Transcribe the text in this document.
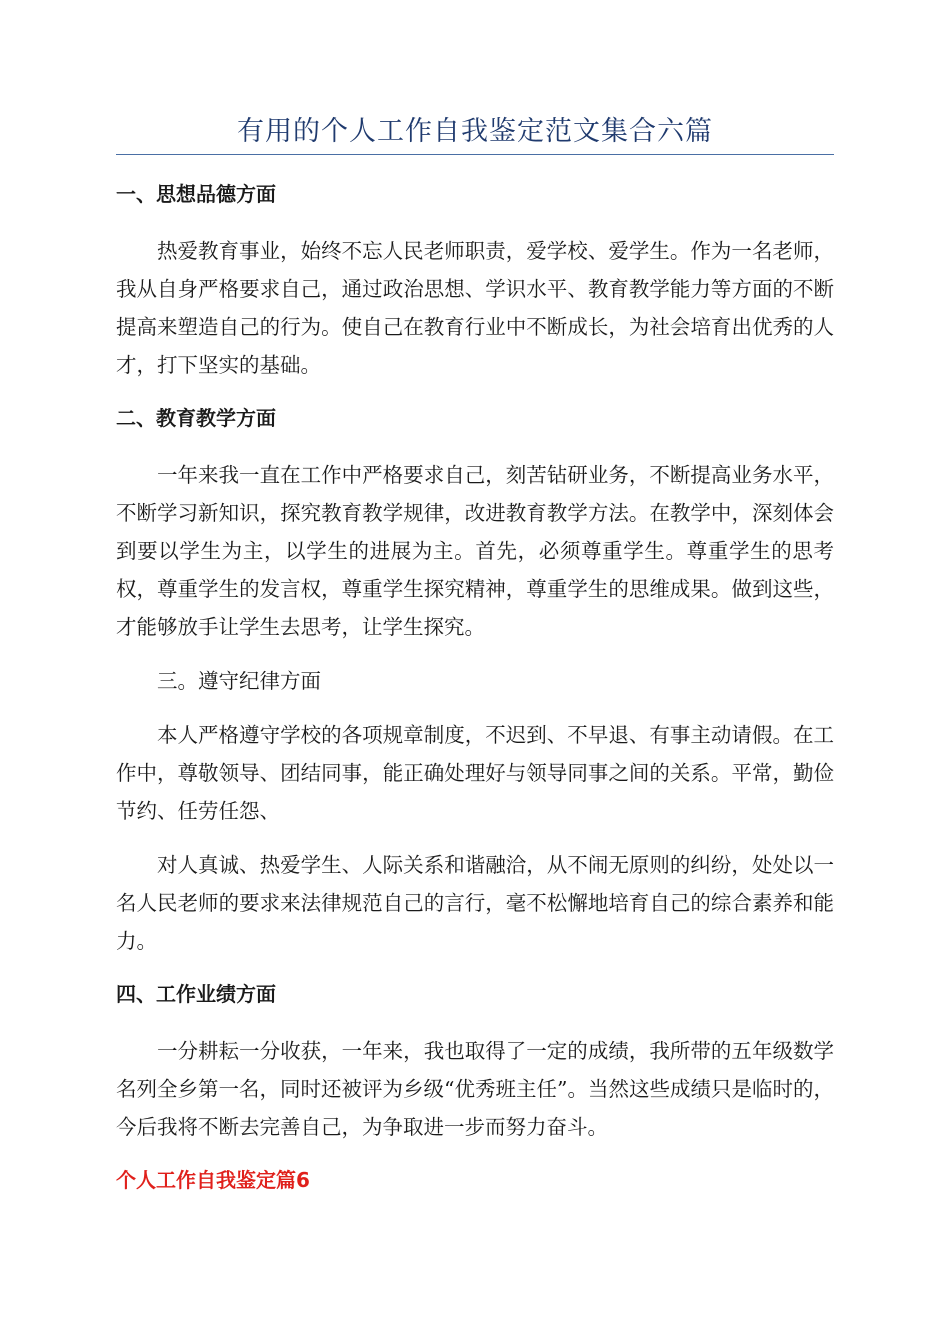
有用的个人工作自我鉴定范文集合六篇
一、思想品德方面

热爱教育事业，始终不忘人民老师职责，爱学校、爱学生。作为一名老师，我从自身严格要求自己，通过政治思想、学识水平、教育教学能力等方面的不断提高来塑造自己的行为。使自己在教育行业中不断成长，为社会培育出优秀的人才，打下坚实的基础。

二、教育教学方面

一年来我一直在工作中严格要求自己，刻苦钻研业务，不断提高业务水平，不断学习新知识，探究教育教学规律，改进教育教学方法。在教学中，深刻体会到要以学生为主，以学生的进展为主。首先，必须尊重学生。尊重学生的思考权，尊重学生的发言权，尊重学生探究精神，尊重学生的思维成果。做到这些，才能够放手让学生去思考，让学生探究。

三。遵守纪律方面

本人严格遵守学校的各项规章制度，不迟到、不早退、有事主动请假。在工作中，尊敬领导、团结同事，能正确处理好与领导同事之间的关系。平常，勤俭节约、任劳任怨、

对人真诚、热爱学生、人际关系和谐融洽，从不闹无原则的纠纷，处处以一名人民老师的要求来法律规范自己的言行，毫不松懈地培育自己的综合素养和能力。

四、工作业绩方面

一分耕耘一分收获，一年来，我也取得了一定的成绩，我所带的五年级数学名列全乡第一名，同时还被评为乡级“优秀班主任”。当然这些成绩只是临时的，今后我将不断去完善自己，为争取进一步而努力奋斗。

个人工作自我鉴定篇6
